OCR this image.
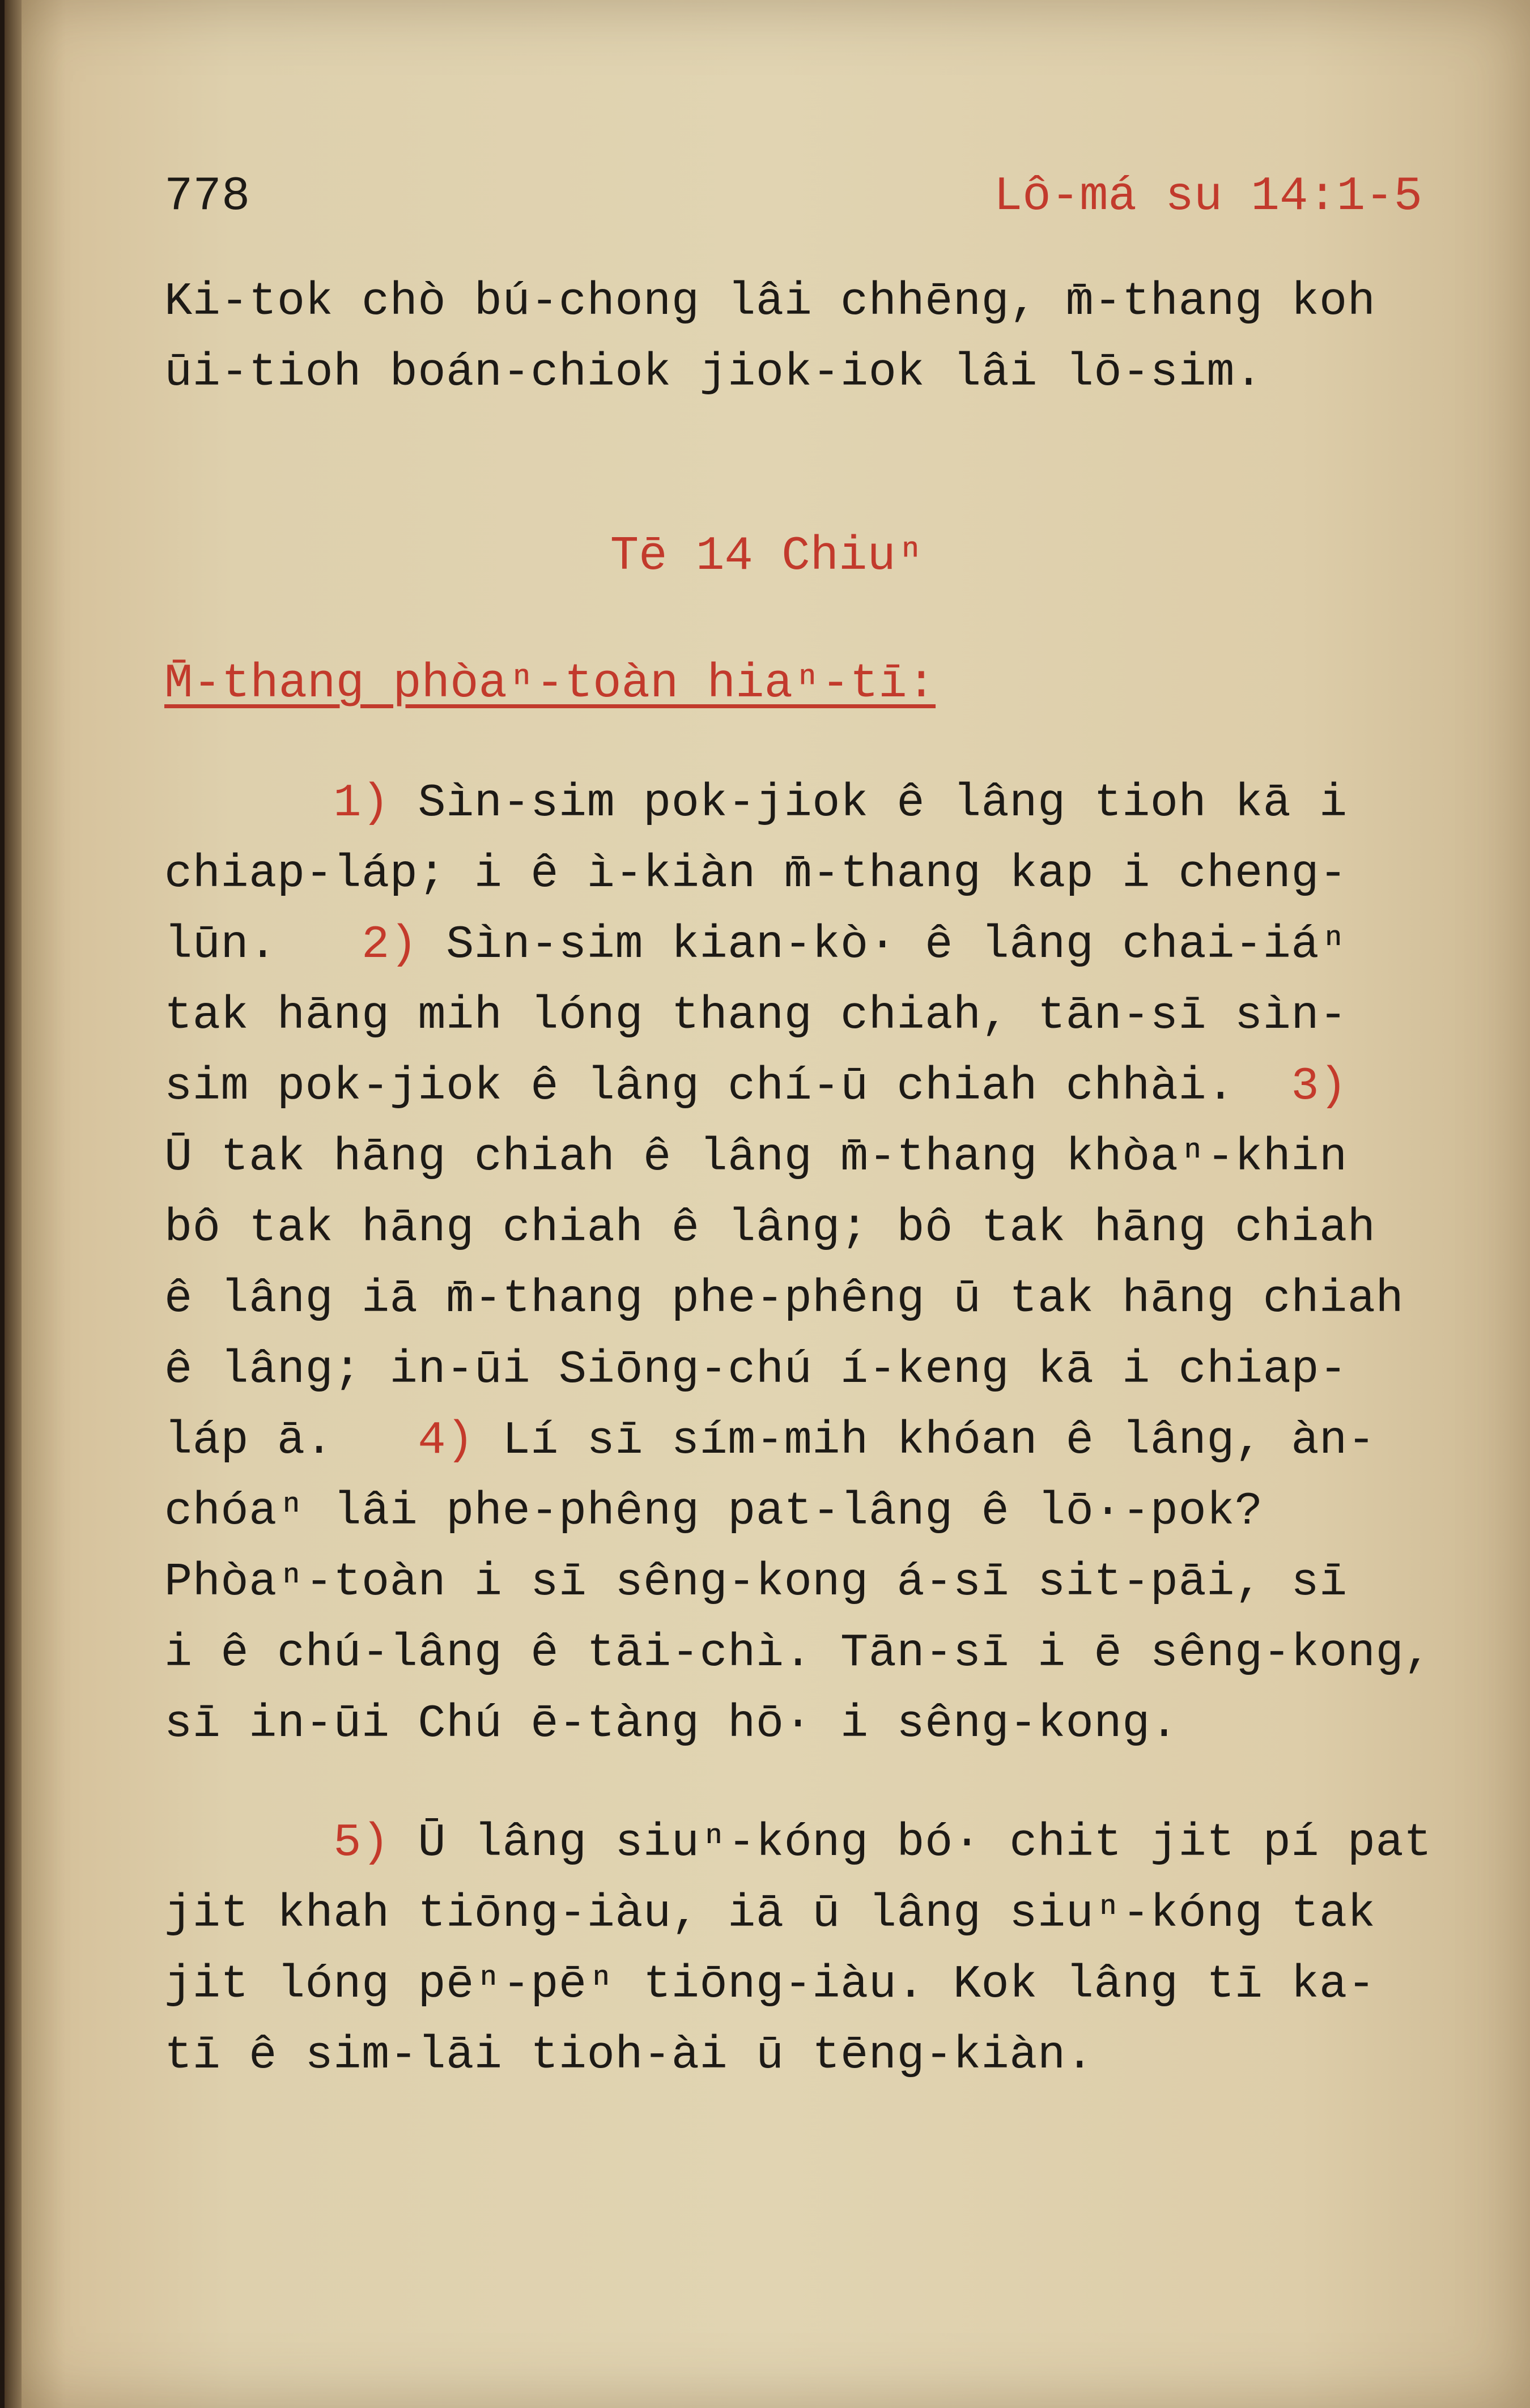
778	Lô-má su 14:1-5
Ki-tok chò bú-chong lâi chhēng, m̄-thang koh
ūi-tioh boán-chiok jiok-iok lâi lō-sim.
Tē 14 Chiuⁿ
M̄-thang phòaⁿ-toàn hiaⁿ-tī:
1) Sìn-sim pok-jiok ê lâng tioh kā i
chiap-láp; i ê ì-kiàn m̄-thang kap i cheng-
lūn.   2) Sìn-sim kian-kò· ê lâng chai-iáⁿ
tak hāng mih lóng thang chiah, tān-sī sìn-
sim pok-jiok ê lâng chí-ū chiah chhài.  3)
Ū tak hāng chiah ê lâng m̄-thang khòaⁿ-khin
bô tak hāng chiah ê lâng; bô tak hāng chiah
ê lâng iā m̄-thang phe-phêng ū tak hāng chiah
ê lâng; in-ūi Siōng-chú í-keng kā i chiap-
láp ā.   4) Lí sī sím-mih khóan ê lâng, àn-
chóaⁿ lâi phe-phêng pat-lâng ê lō·-pok?
Phòaⁿ-toàn i sī sêng-kong á-sī sit-pāi, sī
i ê chú-lâng ê tāi-chì. Tān-sī i ē sêng-kong,
sī in-ūi Chú ē-tàng hō· i sêng-kong.
5) Ū lâng siuⁿ-kóng bó· chit jit pí pat
jit khah tiōng-iàu, iā ū lâng siuⁿ-kóng tak
jit lóng pēⁿ-pēⁿ tiōng-iàu. Kok lâng tī ka-
tī ê sim-lāi tioh-ài ū tēng-kiàn.
